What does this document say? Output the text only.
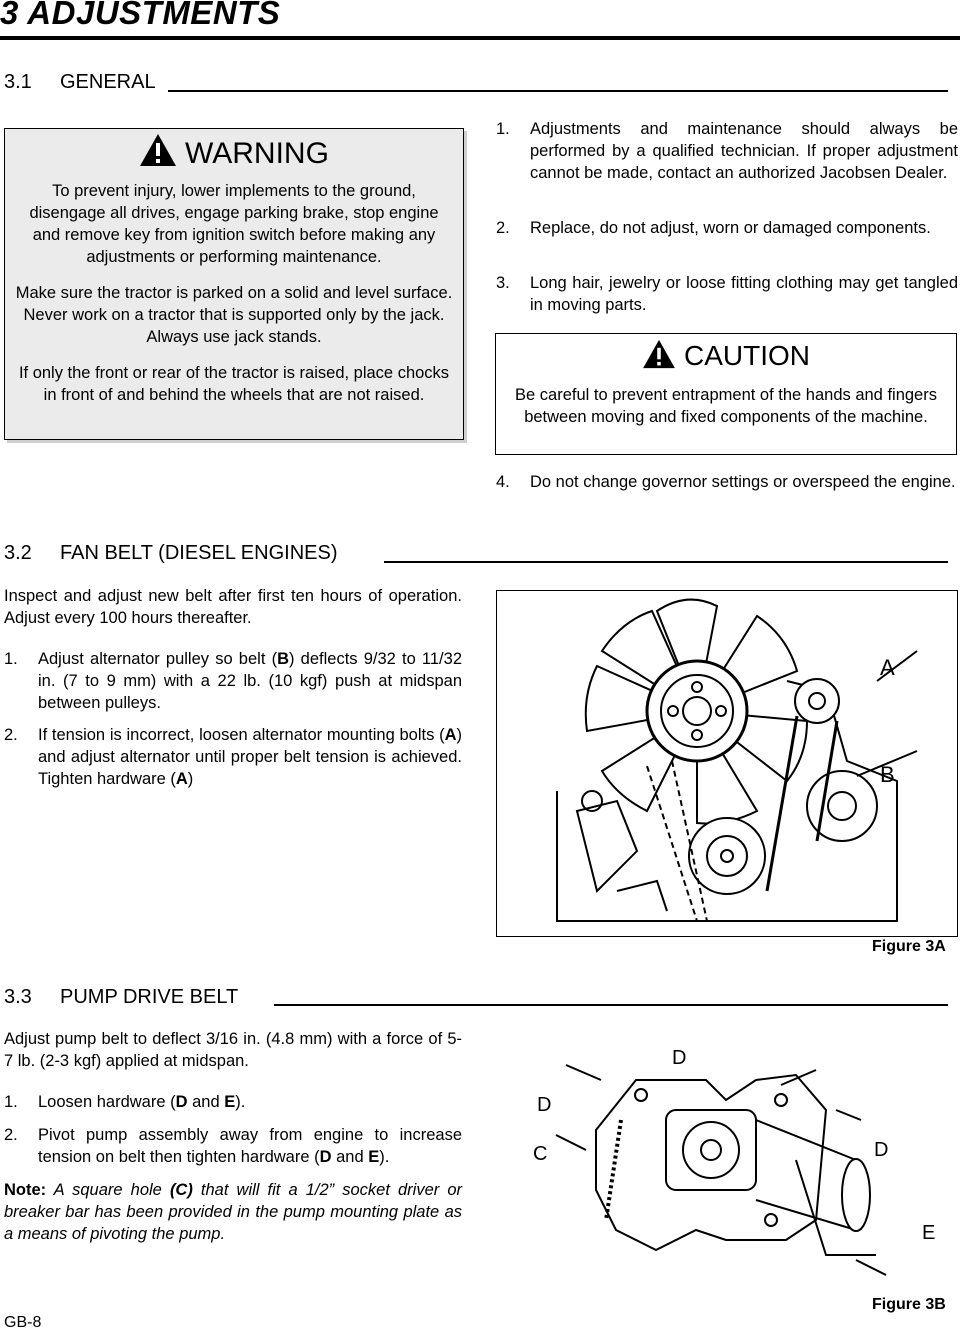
3 ADJUSTMENTS
3.1 GENERAL
WARNING
To prevent injury, lower implements to the ground, disengage all drives, engage parking brake, stop engine and remove key from ignition switch before making any adjustments or performing maintenance.
Make sure the tractor is parked on a solid and level surface. Never work on a tractor that is supported only by the jack. Always use jack stands.
If only the front or rear of the tractor is raised, place chocks in front of and behind the wheels that are not raised.
1. Adjustments and maintenance should always be performed by a qualified technician. If proper adjustment cannot be made, contact an authorized Jacobsen Dealer.
2. Replace, do not adjust, worn or damaged components.
3. Long hair, jewelry or loose fitting clothing may get tangled in moving parts.
CAUTION
Be careful to prevent entrapment of the hands and fingers between moving and fixed components of the machine.
4. Do not change governor settings or overspeed the engine.
3.2 FAN BELT (DIESEL ENGINES)
Inspect and adjust new belt after first ten hours of operation. Adjust every 100 hours thereafter.
1. Adjust alternator pulley so belt (B) deflects 9/32 to 11/32 in. (7 to 9 mm) with a 22 lb. (10 kgf) push at midspan between pulleys.
2. If tension is incorrect, loosen alternator mounting bolts (A) and adjust alternator until proper belt tension is achieved. Tighten hardware (A)
A
B
Figure 3A
3.3 PUMP DRIVE BELT
Adjust pump belt to deflect 3/16 in. (4.8 mm) with a force of 5-7 lb. (2-3 kgf) applied at midspan.
1. Loosen hardware (D and E).
2. Pivot pump assembly away from engine to increase tension on belt then tighten hardware (D and E).
Note: A square hole (C) that will fit a 1/2” socket driver or breaker bar has been provided in the pump mounting plate as a means of pivoting the pump.
D
D
D
C
E
Figure 3B
GB-8
